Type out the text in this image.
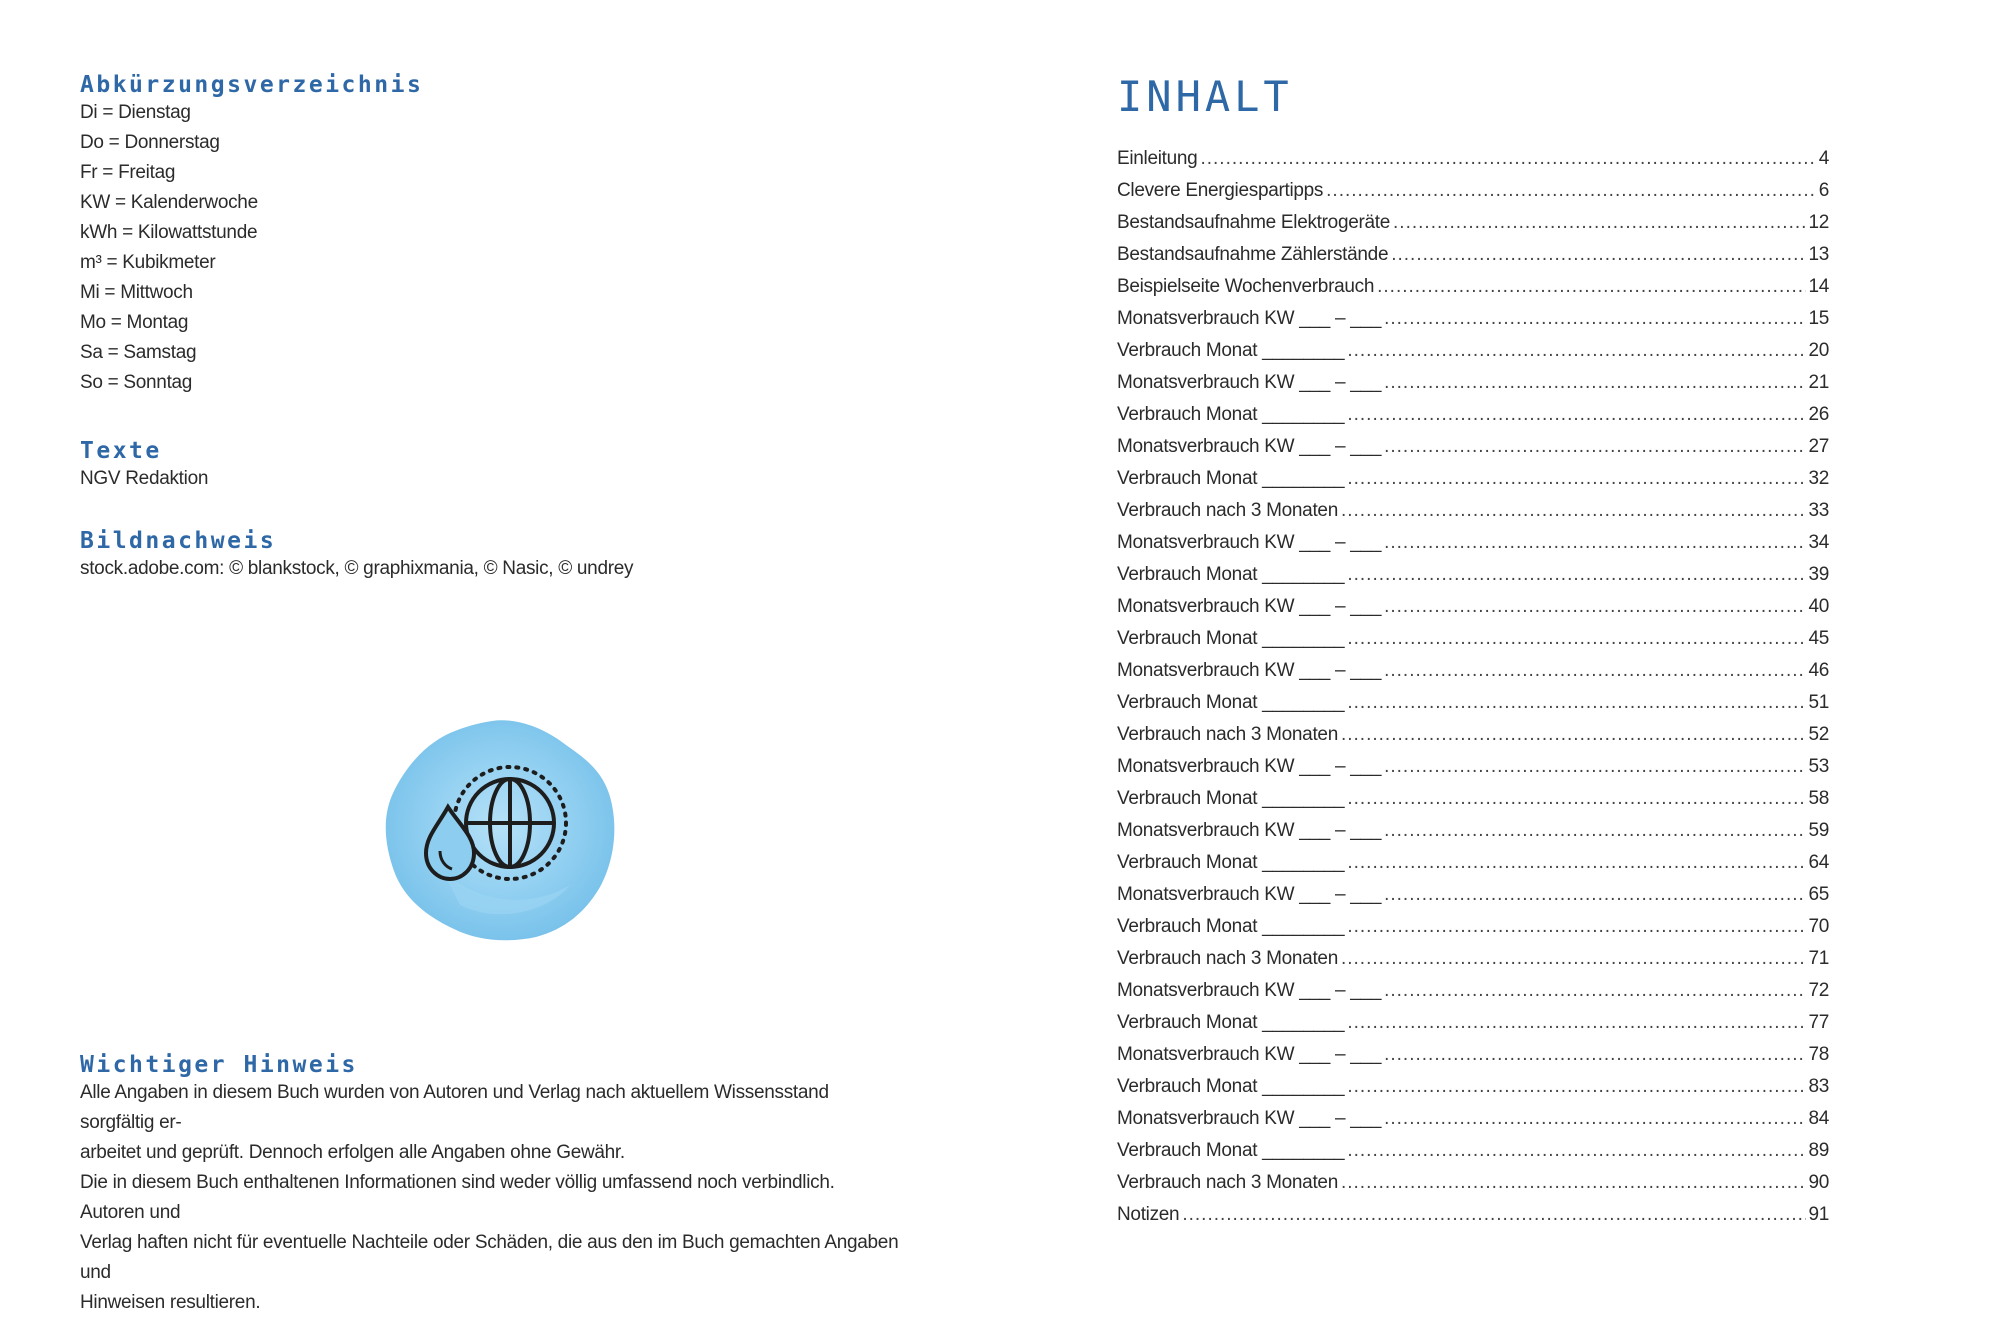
Abkürzungsverzeichnis
Di = Dienstag
Do = Donnerstag
Fr = Freitag
KW = Kalenderwoche
kWh = Kilowattstunde
m³ = Kubikmeter
Mi = Mittwoch
Mo = Montag
Sa = Samstag
So = Sonntag
Texte
NGV Redaktion
Bildnachweis
stock.adobe.com: © blankstock, © graphixmania, © Nasic, © undrey
Wichtiger Hinweis

Alle Angaben in diesem Buch wurden von Autoren und Verlag nach aktuellem Wissensstand sorgfältig er-

arbeitet und geprüft. Dennoch erfolgen alle Angaben ohne Gewähr.

Die in diesem Buch enthaltenen Informationen sind weder völlig umfassend noch verbindlich. Autoren und

Verlag haften nicht für eventuelle Nachteile oder Schäden, die aus den im Buch gemachten Angaben und

Hinweisen resultieren.

INHALT
Einleitung .....	4
Clevere Energiespartipps .....	6
Bestandsaufnahme Elektrogeräte .....	12
Bestandsaufnahme Zählerstände .....	13
Beispielseite Wochenverbrauch .....	14
Monatsverbrauch KW ___ – ___ .....	15
Verbrauch Monat ________ .....	20
Monatsverbrauch KW ___ – ___ .....	21
Verbrauch Monat ________ .....	26
Monatsverbrauch KW ___ – ___ .....	27
Verbrauch Monat ________ .....	32
Verbrauch nach 3 Monaten .....	33
Monatsverbrauch KW ___ – ___ .....	34
Verbrauch Monat ________ .....	39
Monatsverbrauch KW ___ – ___ .....	40
Verbrauch Monat ________ .....	45
Monatsverbrauch KW ___ – ___ .....	46
Verbrauch Monat ________ .....	51
Verbrauch nach 3 Monaten .....	52
Monatsverbrauch KW ___ – ___ .....	53
Verbrauch Monat ________ .....	58
Monatsverbrauch KW ___ – ___ .....	59
Verbrauch Monat ________ .....	64
Monatsverbrauch KW ___ – ___ .....	65
Verbrauch Monat ________ .....	70
Verbrauch nach 3 Monaten .....	71
Monatsverbrauch KW ___ – ___ .....	72
Verbrauch Monat ________ .....	77
Monatsverbrauch KW ___ – ___ .....	78
Verbrauch Monat ________ .....	83
Monatsverbrauch KW ___ – ___ .....	84
Verbrauch Monat ________ .....	89
Verbrauch nach 3 Monaten .....	90
Notizen .....	91
